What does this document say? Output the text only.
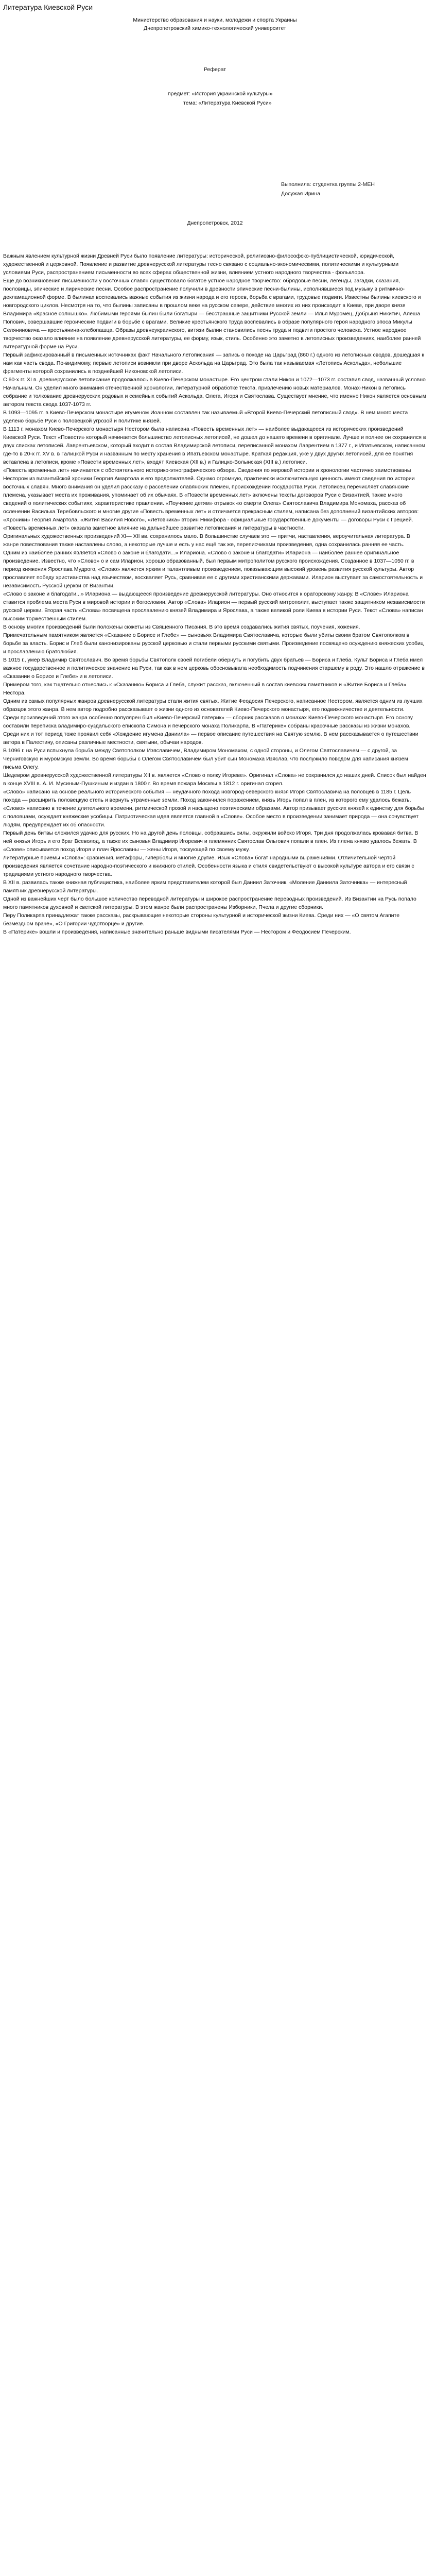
Литература Киевской Руси

Министерство образования и науки, молодежи и спорта Украины

Днепропетровский химико-технологический университет

Реферат

предмет: «История украинской культуры»
тема: «Литература Киевской Руси»
Выполнила: студентка группы 2-МЕН
Досужая Ирина
Днепропетровск, 2012

Важным явлением культурной жизни Древней Руси было появление литературы: исторической, религиозно-философско-публицистической, юридической, художественной и церковной. Появление и развитие древнерусской литературы тесно связано с социально-экономическими, политическими и культурными условиями Руси, распространением письменности во всех сферах общественной жизни, влиянием устного народного творчества - фольклора.

Еще до возникновения письменности у восточных славян существовало богатое устное народное творчество: обрядовые песни, легенды, загадки, сказания, пословицы, эпические и лирические песни. Особое распространение получили в древности эпические песни-былины, исполнявшиеся под музыку в ритмично-декламационной форме. В былинах воспевались важные события из жизни народа и его героев, борьба с врагами, трудовые подвиги. Известны былины киевского и новгородского циклов. Несмотря на то, что былины записаны в прошлом веке на русском севере, действие многих из них происходит в Киеве, при дворе князя Владимира «Красное солнышко». Любимыми героями былин были богатыри — бесстрашные защитники Русской земли — Илья Муромец, Добрыня Никитич, Алеша Попович, совершавшие героические подвиги в борьбе с врагами. Великие крестьянского труда воспевались в образе популярного героя народного эпоса Микулы Селяниновича — крестьянина-хлебопашца. Образы древнеукраинского, витязи былин становились песнь труда и подвиги простого человека. Устное народное творчество оказало влияние на появление древнерусской литературы, ее форму, язык, стиль. Особенно это заметно в летописных произведениях, наиболее ранней литературной форме на Руси.

Первый зафиксированный в письменных источниках факт Начального летописания — запись о походе на Царьград (860 г.) одного из летописных сводов, дошедшая к нам как часть свода. По-видимому, первые летописи возникли при дворе Аскольда на Царьград. Это была так называемая «Летопись Аскольда», небольшие фрагменты которой сохранились в позднейшей Никоновской летописи.

С 60-х гг. XI в. древнерусское летописание продолжалось в Киево-Печерском монастыре. Его центром стали Никон и 1072—1073 гг. составил свод, названный условно Начальным. Он уделил много внимания отечественной хронологии, литературной обработке текста, привлечению новых материалов. Монах-Никон в летопись собрание и толкование древнерусских родовых и семейных событий Аскольда, Олега, Игоря и Святослава. Существует мнение, что именно Никон является основным автором текста свода 1037-1073 гг.

В 1093—1095 гг. в Киево-Печерском монастыре игуменом Иоанном составлен так называемый «Второй Киево-Печерский летописный свод». В нем много места уделено борьбе Руси с половецкой угрозой и политике князей.

В 1113 г. монахом Киево-Печерского монастыря Нестором была написана «Повесть временных лет» — наиболее выдающееся из исторических произведений Киевской Руси. Текст «Повести» который начинается большинство летописных летописей, не дошел до нашего времени в оригинале. Лучше и полнее он сохранился в двух списках летописей. Лаврентьевском, который входит в состав Владимирской летописи, переписанной монахом Лаврентием в 1377 г., и Ипатьевском, написанном где-то в 20-х гг. XV в. в Галицкой Руси и названным по месту хранения в Ипатьевском монастыре. Краткая редакция, уже у двух других летописей, для ее понятия вставлена в летописи, кроме «Повести временных лет», входят Киевская (XII в.) и Галицко-Волынская (XIII в.) летописи.

«Повесть временных лет» начинается с обстоятельного историко-этнографического обзора. Сведения по мировой истории и хронологии частично заимствованы Нестором из византийской хроники Георгия Амартола и его продолжателей. Однако огромную, практически исключительную ценность имеют сведения по истории восточных славян. Много внимания он уделил рассказу о расселении славянских племен, происхождении государства Руси. Летописец перечисляет славянские племена, указывает места их проживания, упоминает об их обычаях. В «Повести временных лет» включены тексты договоров Руси с Византией, также много сведений о политических событиях, характеристике правлении. «Поучение детям» отрывок «о смерти Олега» Святославича Владимира Мономаха, рассказ об осленении Василька Теребовльского и многие другие «Повесть временных лет» и отличается прекрасным стилем, написана без дополнений византийских авторов: «Хроники» Георгия Амартола, «Жития Василия Нового», «Летовника» вторин Никифора - официальные государственные документы — договоры Руси с Грецией.

«Повесть временных лет» оказала заметное влияние на дальнейшее развитие летописания и литературы в частности.

Оригинальных художественных произведений XI— XII вв. сохранилось мало. В большинстве случаев это — притчи, наставления, вероучительная литература. В жанре повествования также наставлены слово, а некоторые лучше и есть у нас ещё так же, переписчиками произведения, одна сохранилась ранняя ее часть.

Одним из наиболее ранних является «Слово о законе и благодати...» Илариона. «Слово о законе и благодати» Илариона — наиболее раннее оригинальное произведение. Известно, что «Слово» о и сам Иларион, хорошо образованный, был первым митрополитом русского происхождения. Созданное в 1037—1050 гг. в период княжения Ярослава Мудрого, «Слово» является ярким и талантливым произведением, показывающим высокий уровень развития русской культуры. Автор прославляет победу христианства над язычеством, восхваляет Русь, сравнивая ее с другими христианскими державами. Иларион выступает за самостоятельность и независимость Русской церкви от Византии.

«Слово о законе и благодати...» Илариона — выдающееся произведение древнерусской литературы. Оно относится к ораторскому жанру. В «Слове» Илариона ставится проблема места Руси в мировой истории и богословии. Автор «Слова» Иларион — первый русский митрополит, выступает также защитником независимости русской церкви. Вторая часть «Слова» посвящена прославлению князей Владимира и Ярослава, а также великой роли Киева в истории Руси. Текст «Слова» написан высоким торжественным стилем.

В основу многих произведений были положены сюжеты из Священного Писания. В это время создавались жития святых, поучения, хожения.

Примечательным памятником является «Сказание о Борисе и Глебе» — сыновьях Владимира Святославича, которые были убиты своим братом Святополком в борьбе за власть. Борис и Глеб были канонизированы русской церковью и стали первыми русскими святыми. Произведение посвящено осуждению княжеских усобиц и прославлению братолюбия.

В 1015 г., умер Владимир Святославич. Во время борьбы Святополк своей погибели обернуть и погубить двух братьев — Бориса и Глеба. Культ Бориса и Глеба имел важное государственное и политическое значение на Руси, так как в нем церковь обосновывала необходимость подчинения старшему в роду. Это нашло отражение в «Сказании о Борисе и Глебе» и в летописи.

Примером того, как тщательно отнеслись к «Сказанию» Бориса и Глеба, служит рассказ, включенный в состав киевских памятников и «Житие Бориса и Глеба» Нестора.

Одним из самых популярных жанров древнерусской литературы стали жития святых. Житие Феодосия Печерского, написанное Нестором, является одним из лучших образцов этого жанра. В нем автор подробно рассказывает о жизни одного из основателей Киево-Печерского монастыря, его подвижничестве и деятельности.

Среди произведений этого жанра особенно популярен был «Киево-Печерский патерик» — сборник рассказов о монахах Киево-Печерского монастыря. Его основу составили переписка владимиро-суздальского епископа Симона и печерского монаха Поликарпа. В «Патерике» собраны красочные рассказы из жизни монахов.

Среди них и тот период тоже проявил себя «Хождение игумена Даниила» — первое описание путешествия на Святую землю. В нем рассказывается о путешествии автора в Палестину, описаны различные местности, святыни, обычаи народов.

В 1096 г. на Руси вспыхнула борьба между Святополком Изяславичем, Владимиром Мономахом, с одной стороны, и Олегом Святославичем — с другой, за Черниговскую и муромскую земли. Во время борьбы с Олегом Святославичем был убит сын Мономаха Изяслав, что послужило поводом для написания князем письма Олегу.

Шедевром древнерусской художественной литературы XII в. является «Слово о полку Игореве». Оригинал «Слова» не сохранился до наших дней. Список был найден в конце XVIII в. А. И. Мусиным-Пушкиным и издан в 1800 г. Во время пожара Москвы в 1812 г. оригинал сгорел.

«Слово» написано на основе реального исторического события — неудачного похода новгород-северского князя Игоря Святославича на половцев в 1185 г. Цель похода — расширить половецкую степь и вернуть утраченные земли. Поход закончился поражением, князь Игорь попал в плен, из которого ему удалось бежать.

«Слово» написано в течение длительного времени, ритмической прозой и насыщено поэтическими образами. Автор призывает русских князей к единству для борьбы с половцами, осуждает княжеские усобицы. Патриотическая идея является главной в «Слове». Особое место в произведении занимает природа — она сочувствует людям, предупреждает их об опасности.

Первый день битвы сложился удачно для русских. Но на другой день половцы, собравшись силы, окружили войско Игоря. Три дня продолжалась кровавая битва. В ней князья Игорь и его брат Всеволод, а также их сыновья Владимир Игоревич и племянник Святослав Ольгович попали в плен. Из плена князю удалось бежать. В «Слове» описывается поход Игоря и плач Ярославны — жены Игоря, тоскующей по своему мужу.

Литературные приемы «Слова»: сравнения, метафоры, гиперболы и многие другие. Язык «Слова» богат народными выражениями. Отличительной чертой произведения является сочетание народно-поэтического и книжного стилей. Особенности языка и стиля свидетельствуют о высокой культуре автора и его связи с традициями устного народного творчества.

В XII в. развилась также книжная публицистика, наиболее ярким представителем которой был Даниил Заточник. «Моление Даниила Заточника» — интересный памятник древнерусской литературы.

Одной из важнейших черт было большое количество переводной литературы и широкое распространение переводных произведений. Из Византии на Русь попало много памятников духовной и светской литературы. В этом жанре были распространены Изборники, Пчела и другие сборники.

Перу Поликарпа принадлежат также рассказы, раскрывающие некоторые стороны культурной и исторической жизни Киева. Среди них — «О святом Агапите безмездном враче», «О Григории чудотворце» и другие.

В «Патерике» вошли и произведения, написанные значительно раньше видными писателями Руси — Нестором и Феодосием Печерским.
